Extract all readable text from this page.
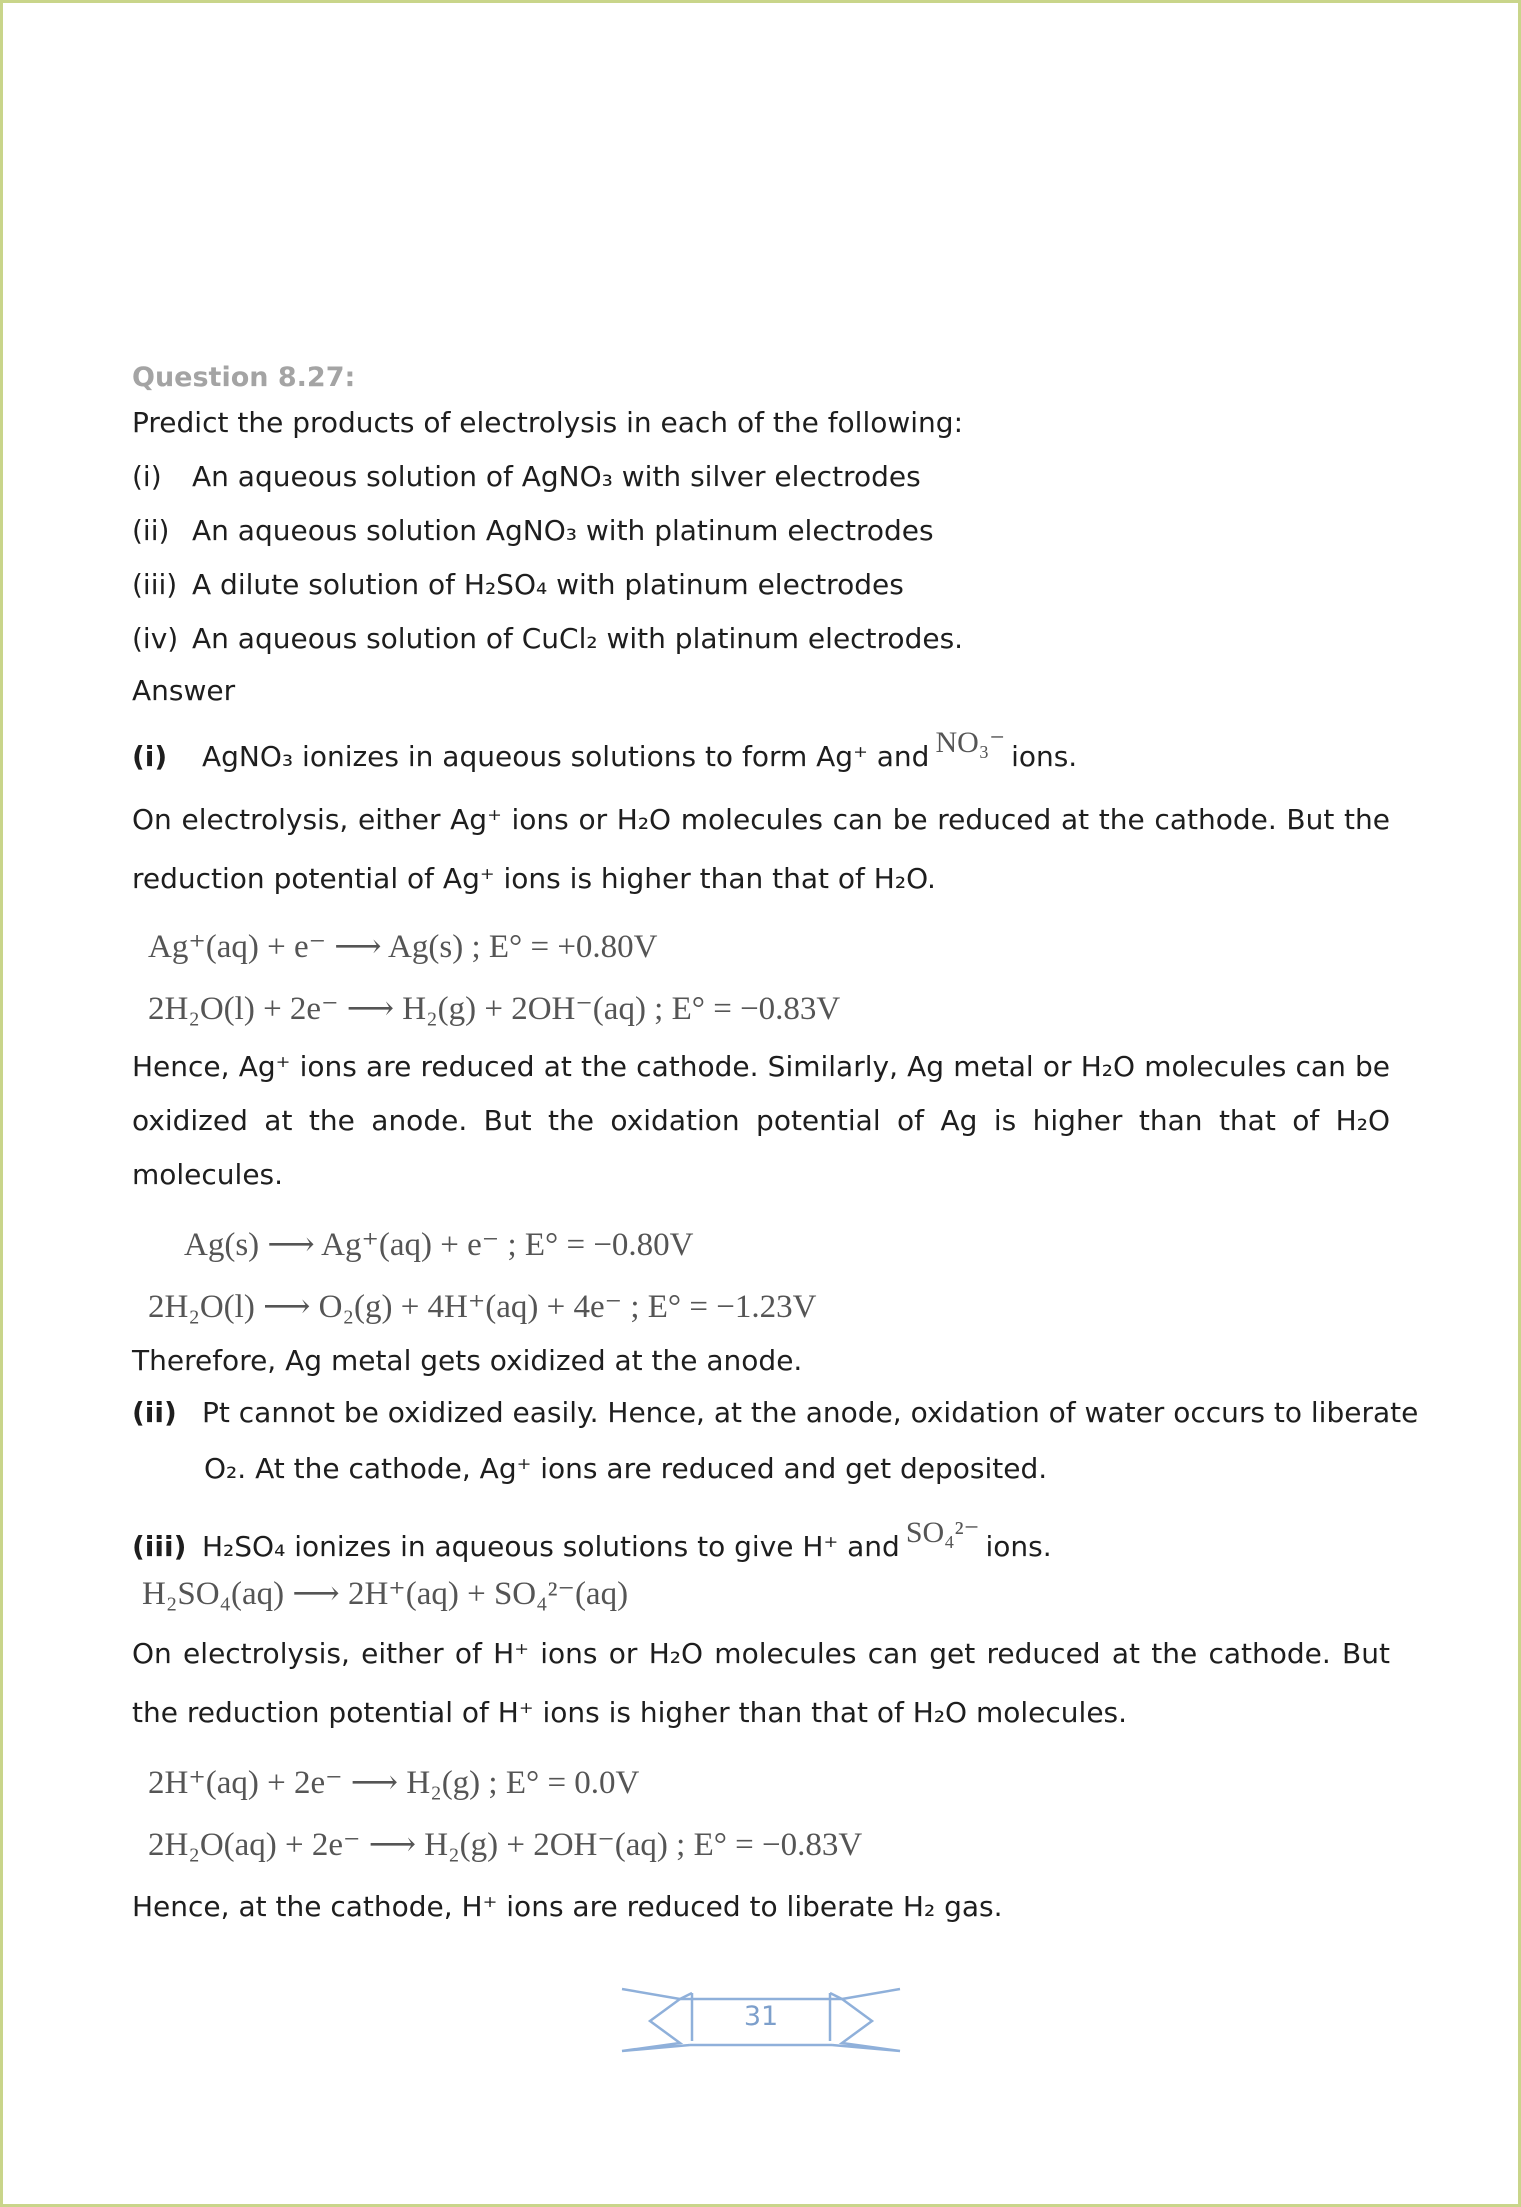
Question 8.27:
Predict the products of electrolysis in each of the following:
(i) An aqueous solution of AgNO₃ with silver electrodes
(ii) An aqueous solution AgNO₃ with platinum electrodes
(iii) A dilute solution of H₂SO₄ with platinum electrodes
(iv) An aqueous solution of CuCl₂ with platinum electrodes.
Answer
(i) AgNO₃ ionizes in aqueous solutions to form Ag⁺ and NO₃⁻ ions.
On electrolysis, either Ag⁺ ions or H₂O molecules can be reduced at the cathode. But the reduction potential of Ag⁺ ions is higher than that of H₂O.
Ag⁺(aq) + e⁻ ⟶ Ag(s) ; E° = +0.80V
2H₂O(l) + 2e⁻ ⟶ H₂(g) + 2OH⁻(aq) ; E° = −0.83V
Hence, Ag⁺ ions are reduced at the cathode. Similarly, Ag metal or H₂O molecules can be oxidized at the anode. But the oxidation potential of Ag is higher than that of H₂O molecules.
Ag(s) ⟶ Ag⁺(aq) + e⁻ ; E° = −0.80V
2H₂O(l) ⟶ O₂(g) + 4H⁺(aq) + 4e⁻ ; E° = −1.23V
Therefore, Ag metal gets oxidized at the anode.
(ii) Pt cannot be oxidized easily. Hence, at the anode, oxidation of water occurs to liberate
O₂. At the cathode, Ag⁺ ions are reduced and get deposited.
(iii) H₂SO₄ ionizes in aqueous solutions to give H⁺ and SO₄²⁻ ions.
H₂SO₄(aq) ⟶ 2H⁺(aq) + SO₄²⁻(aq)
On electrolysis, either of H⁺ ions or H₂O molecules can get reduced at the cathode. But the reduction potential of H⁺ ions is higher than that of H₂O molecules.
2H⁺(aq) + 2e⁻ ⟶ H₂(g) ; E° = 0.0V
2H₂O(aq) + 2e⁻ ⟶ H₂(g) + 2OH⁻(aq) ; E° = −0.83V
Hence, at the cathode, H⁺ ions are reduced to liberate H₂ gas.
31
